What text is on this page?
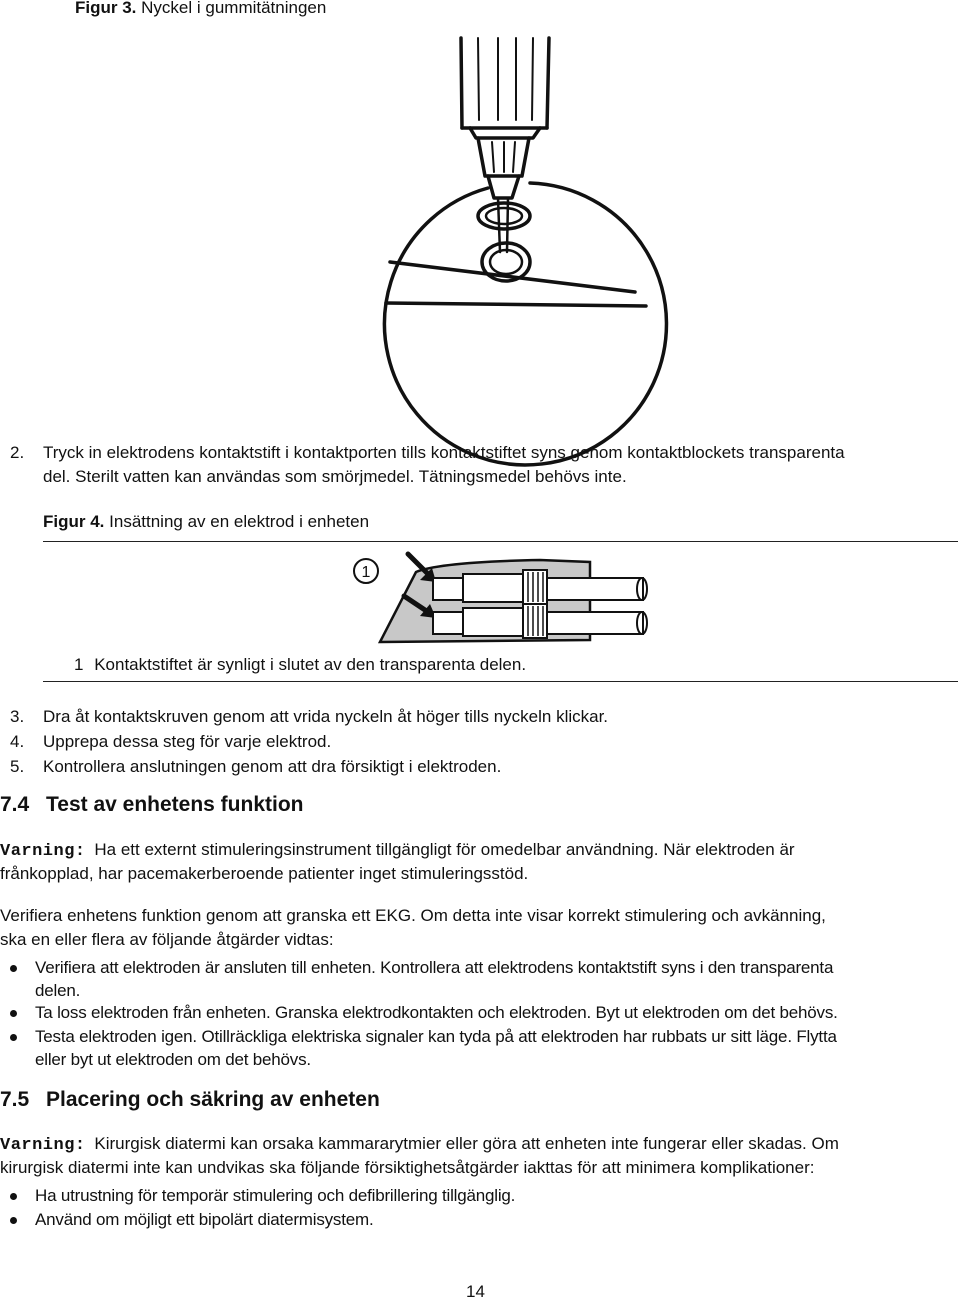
Figur 3. Nyckel i gummitätningen
2.	Tryck in elektrodens kontaktstift i kontaktporten tills kontaktstiftet syns genom kontaktblockets transparenta
del. Sterilt vatten kan användas som smörjmedel. Tätningsmedel behövs inte.
Figur 4. Insättning av en elektrod i enheten
1
1 Kontaktstiftet är synligt i slutet av den transparenta delen.
3.	Dra åt kontaktskruven genom att vrida nyckeln åt höger tills nyckeln klickar.
4.	Upprepa dessa steg för varje elektrod.
5.	Kontrollera anslutningen genom att dra försiktigt i elektroden.
7.4 Test av enhetens funktion
Varning: Ha ett externt stimuleringsinstrument tillgängligt för omedelbar användning. När elektroden är
frånkopplad, har pacemakerberoende patienter inget stimuleringsstöd.
Verifiera enhetens funktion genom att granska ett EKG. Om detta inte visar korrekt stimulering och avkänning,
ska en eller flera av följande åtgärder vidtas:
Verifiera att elektroden är ansluten till enheten. Kontrollera att elektrodens kontaktstift syns i den transparenta
delen.
Ta loss elektroden från enheten. Granska elektrodkontakten och elektroden. Byt ut elektroden om det behövs.
Testa elektroden igen. Otillräckliga elektriska signaler kan tyda på att elektroden har rubbats ur sitt läge. Flytta
eller byt ut elektroden om det behövs.
7.5 Placering och säkring av enheten
Varning: Kirurgisk diatermi kan orsaka kammararytmier eller göra att enheten inte fungerar eller skadas. Om
kirurgisk diatermi inte kan undvikas ska följande försiktighetsåtgärder iakttas för att minimera komplikationer:
Ha utrustning för temporär stimulering och defibrillering tillgänglig.
Använd om möjligt ett bipolärt diatermisystem.
14
